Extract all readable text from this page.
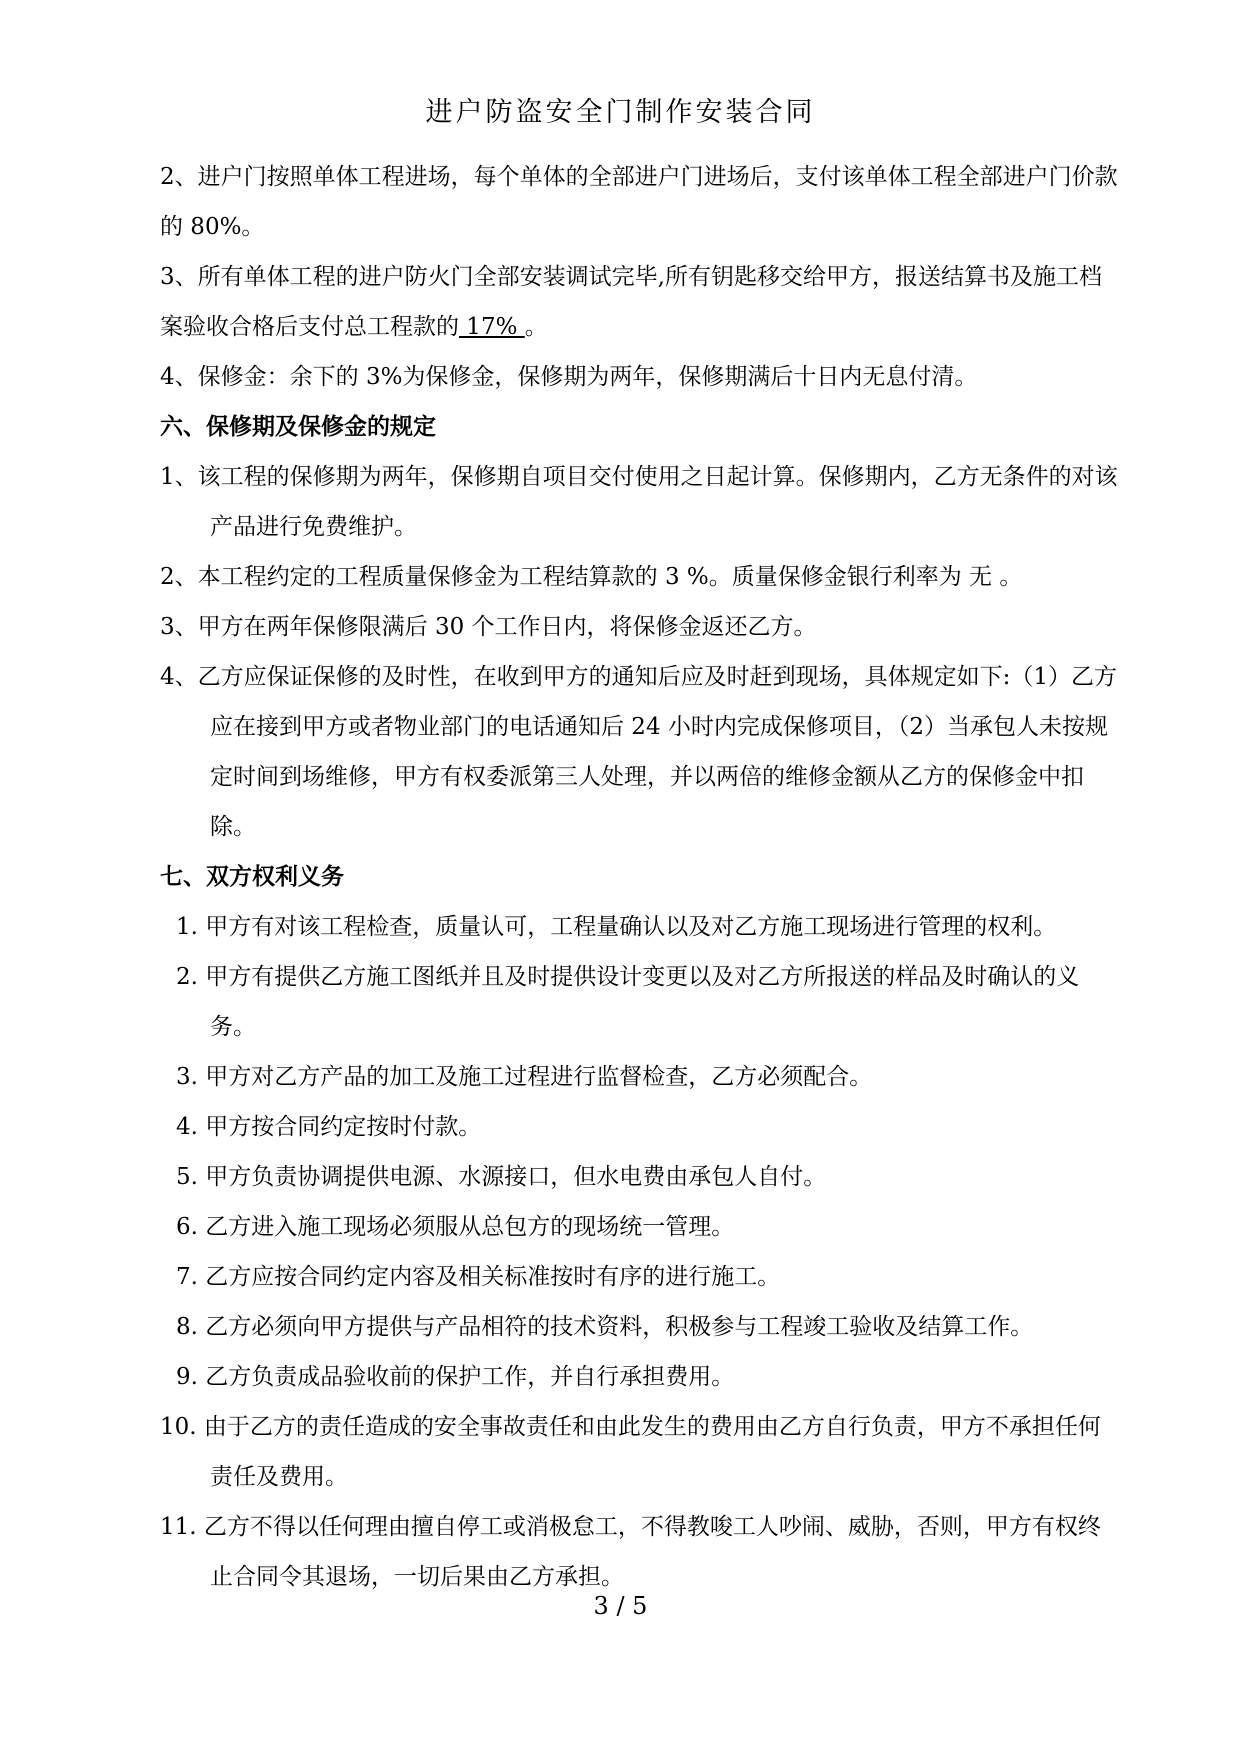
进户防盗安全门制作安装合同

2、进户门按照单体工程进场，每个单体的全部进户门进场后，支付该单体工程全部进户门价款的 80%。

3、所有单体工程的进户防火门全部安装调试完毕,所有钥匙移交给甲方，报送结算书及施工档案验收合格后支付总工程款的 17% 。

4、保修金：余下的 3%为保修金，保修期为两年，保修期满后十日内无息付清。

六、保修期及保修金的规定

1、该工程的保修期为两年，保修期自项目交付使用之日起计算。保修期内，乙方无条件的对该产品进行免费维护。

2、本工程约定的工程质量保修金为工程结算款的 3 %。质量保修金银行利率为 无 。

3、甲方在两年保修限满后 30 个工作日内，将保修金返还乙方。

4、乙方应保证保修的及时性，在收到甲方的通知后应及时赶到现场，具体规定如下:（1）乙方应在接到甲方或者物业部门的电话通知后 24 小时内完成保修项目，（2）当承包人未按规定时间到场维修，甲方有权委派第三人处理，并以两倍的维修金额从乙方的保修金中扣除。

七、双方权利义务

1. 甲方有对该工程检查，质量认可，工程量确认以及对乙方施工现场进行管理的权利。

2. 甲方有提供乙方施工图纸并且及时提供设计变更以及对乙方所报送的样品及时确认的义务。

3. 甲方对乙方产品的加工及施工过程进行监督检查，乙方必须配合。

4. 甲方按合同约定按时付款。

5. 甲方负责协调提供电源、水源接口，但水电费由承包人自付。

6. 乙方进入施工现场必须服从总包方的现场统一管理。

7. 乙方应按合同约定内容及相关标准按时有序的进行施工。

8. 乙方必须向甲方提供与产品相符的技术资料，积极参与工程竣工验收及结算工作。

9. 乙方负责成品验收前的保护工作，并自行承担费用。

10. 由于乙方的责任造成的安全事故责任和由此发生的费用由乙方自行负责，甲方不承担任何责任及费用。

11. 乙方不得以任何理由擅自停工或消极怠工，不得教唆工人吵闹、威胁，否则，甲方有权终止合同令其退场，一切后果由乙方承担。

3 / 5
